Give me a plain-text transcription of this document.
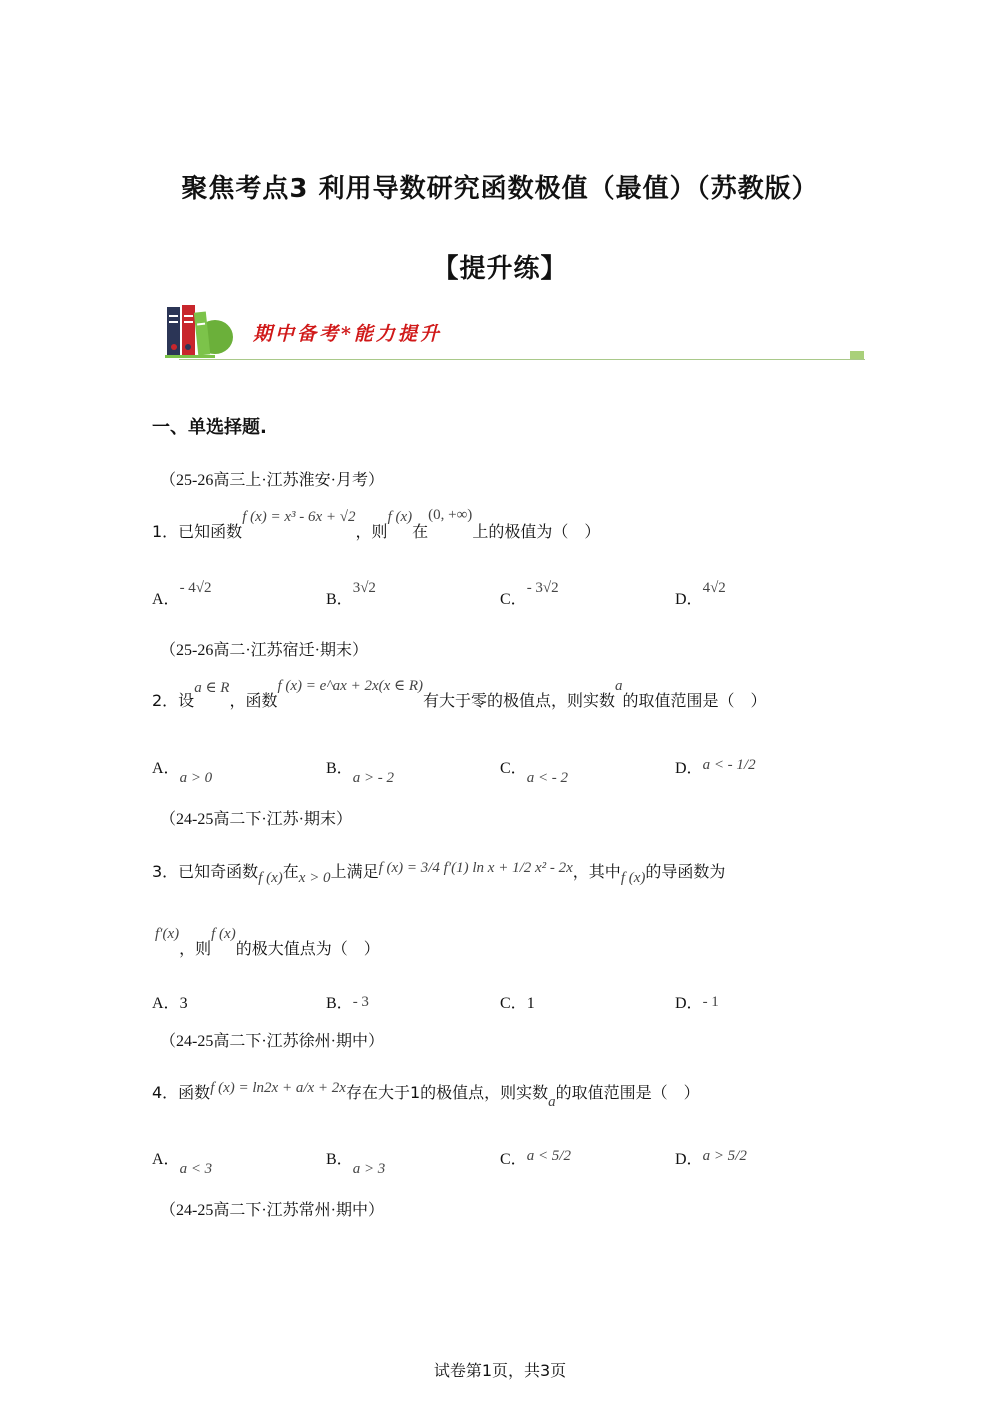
聚焦考点3 利用导数研究函数极值（最值）（苏教版）
【提升练】
期中备考*能力提升
一、单选择题.
（25-26高三上·江苏淮安·月考）
1．已知函数f (x) = x³ - 6x + √2，则f (x)在(0, +∞)上的极值为（　）
A．- 4√2
B．3√2
C．- 3√2
D．4√2
（25-26高二·江苏宿迁·期末）
2．设a ∈ R，函数f (x) = e^ax + 2x(x ∈ R)有大于零的极值点，则实数a的取值范围是（　）
A．a > 0
B．a > - 2
C．a < - 2
D．a < - 1/2
（24-25高二下·江苏·期末）
3．已知奇函数f (x)在x > 0上满足f (x) = 3/4 f′(1) ln x + 1/2 x² - 2x，其中f (x)的导函数为
f′(x)，则f (x)的极大值点为（　）
A．3	B．- 3	C．1	D．- 1
（24-25高二下·江苏徐州·期中）
4．函数f (x) = ln2x + a/x + 2x存在大于1的极值点，则实数a的取值范围是（　）
A．a < 3
B．a > 3
C．a < 5/2	D．a > 5/2
（24-25高二下·江苏常州·期中）
试卷第1页，共3页
